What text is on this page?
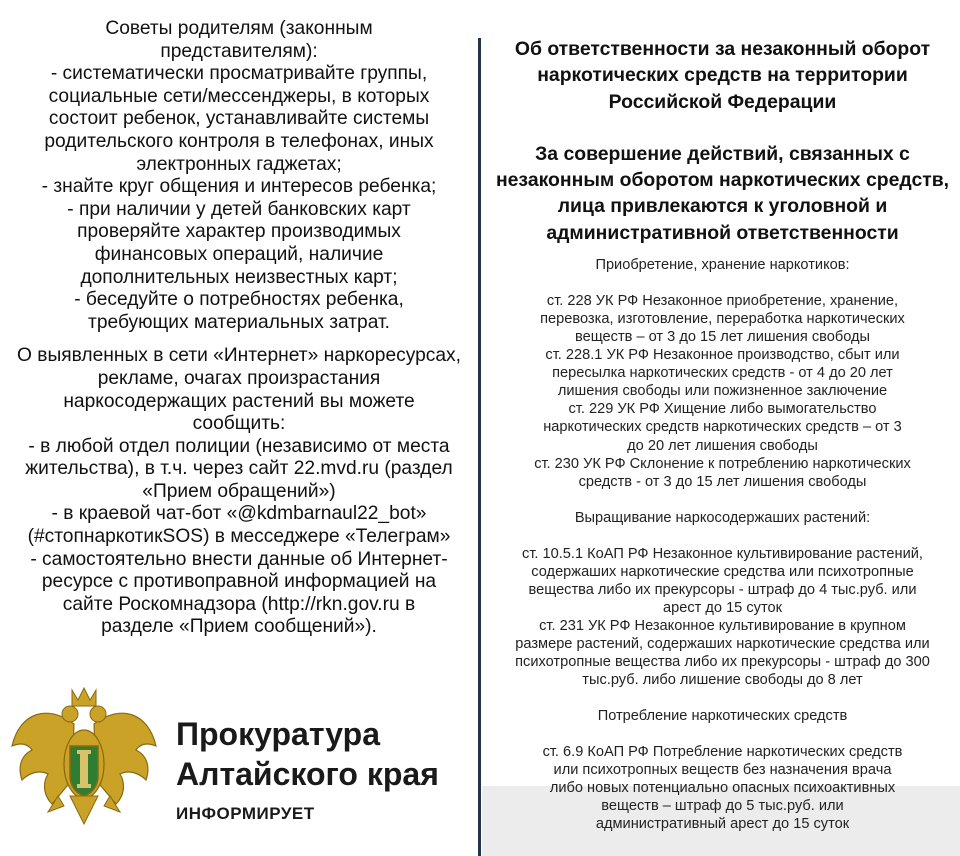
Советы родителям (законным
представителям):
- систематически просматривайте группы,
социальные сети/мессенджеры, в которых
состоит ребенок, устанавливайте системы
родительского контроля в телефонах, иных
электронных гаджетах;
- знайте круг общения и интересов ребенка;
- при наличии у детей банковских карт
проверяйте характер производимых
финансовых операций, наличие
дополнительных неизвестных карт;
- беседуйте о потребностях ребенка,
требующих материальных затрат.

О выявленных в сети «Интернет» наркоресурсах,
рекламе, очагах произрастания
наркосодержащих растений вы можете
сообщить:
- в любой отдел полиции (независимо от места
жительства), в т.ч. через сайт 22.mvd.ru (раздел
«Прием обращений»)
- в краевой чат-бот «@kdmbarnaul22_bot»
(#стопнаркотикSOS) в месседжере «Телеграм»
- самостоятельно внести данные об Интернет-
ресурсе с противоправной информацией на
сайте Роскомнадзора (http://rkn.gov.ru в
разделе «Прием сообщений»).

Об ответственности за незаконный оборот
наркотических средств на территории
Российской Федерации

За совершение действий, связанных с
незаконным оборотом наркотических средств,
лица привлекаются к уголовной и
административной ответственности

Приобретение, хранение наркотиков:

ст. 228 УК РФ Незаконное приобретение, хранение,
перевозка, изготовление, переработка наркотических
веществ – от 3 до 15 лет лишения свободы
ст. 228.1 УК РФ Незаконное производство, сбыт или
пересылка наркотических средств - от 4 до 20 лет
лишения свободы или пожизненное заключение
ст. 229 УК РФ Хищение либо вымогательство
наркотических средств наркотических средств – от 3
до 20 лет лишения свободы
ст. 230 УК РФ Склонение к потреблению наркотических
средств - от 3 до 15 лет лишения свободы

Выращивание наркосодержаших растений:

ст. 10.5.1 КоАП РФ Незаконное культивирование растений,
содержаших наркотические средства или психотропные
вещества либо их прекурсоры - штраф до 4 тыс.руб. или
арест до 15 суток
ст. 231 УК РФ Незаконное культивирование в крупном
размере растений, содержаших наркотические средства или
психотропные вещества либо их прекурсоры - штраф до 300
тыс.руб. либо лишение свободы до 8 лет

Потребление наркотических средств

ст. 6.9 КоАП РФ Потребление наркотических средств
или психотропных веществ без назначения врача
либо новых потенциально опасных психоактивных
веществ – штраф до 5 тыс.руб. или
административный арест до 15 суток

Прокуратура
Алтайского края
ИНФОРМИРУЕТ
